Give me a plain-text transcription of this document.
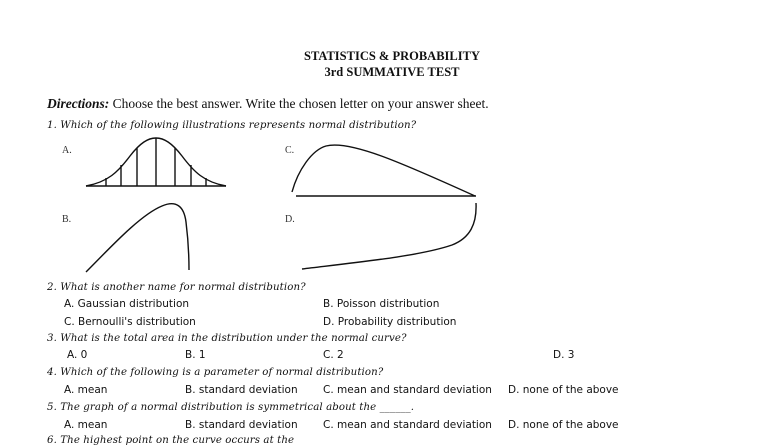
STATISTICS & PROBABILITY
3rd SUMMATIVE TEST
Directions: Choose the best answer. Write the chosen letter on your answer sheet.
1. Which of the following illustrations represents normal distribution?
A.
B.
C.
D.
2. What is another name for normal distribution?
A. Gaussian distribution	B. Poisson distribution
C. Bernoulli's distribution	D. Probability distribution
3. What is the total area in the distribution under the normal curve?
A. 0	B. 1	C. 2	D. 3
4. Which of the following is a parameter of normal distribution?
A. mean	B. standard deviation C. mean and standard deviation D. none of the above
5. The graph of a normal distribution is symmetrical about the ______.
A. mean	B. standard deviation C. mean and standard deviation D. none of the above
6. The highest point on the curve occurs at the
